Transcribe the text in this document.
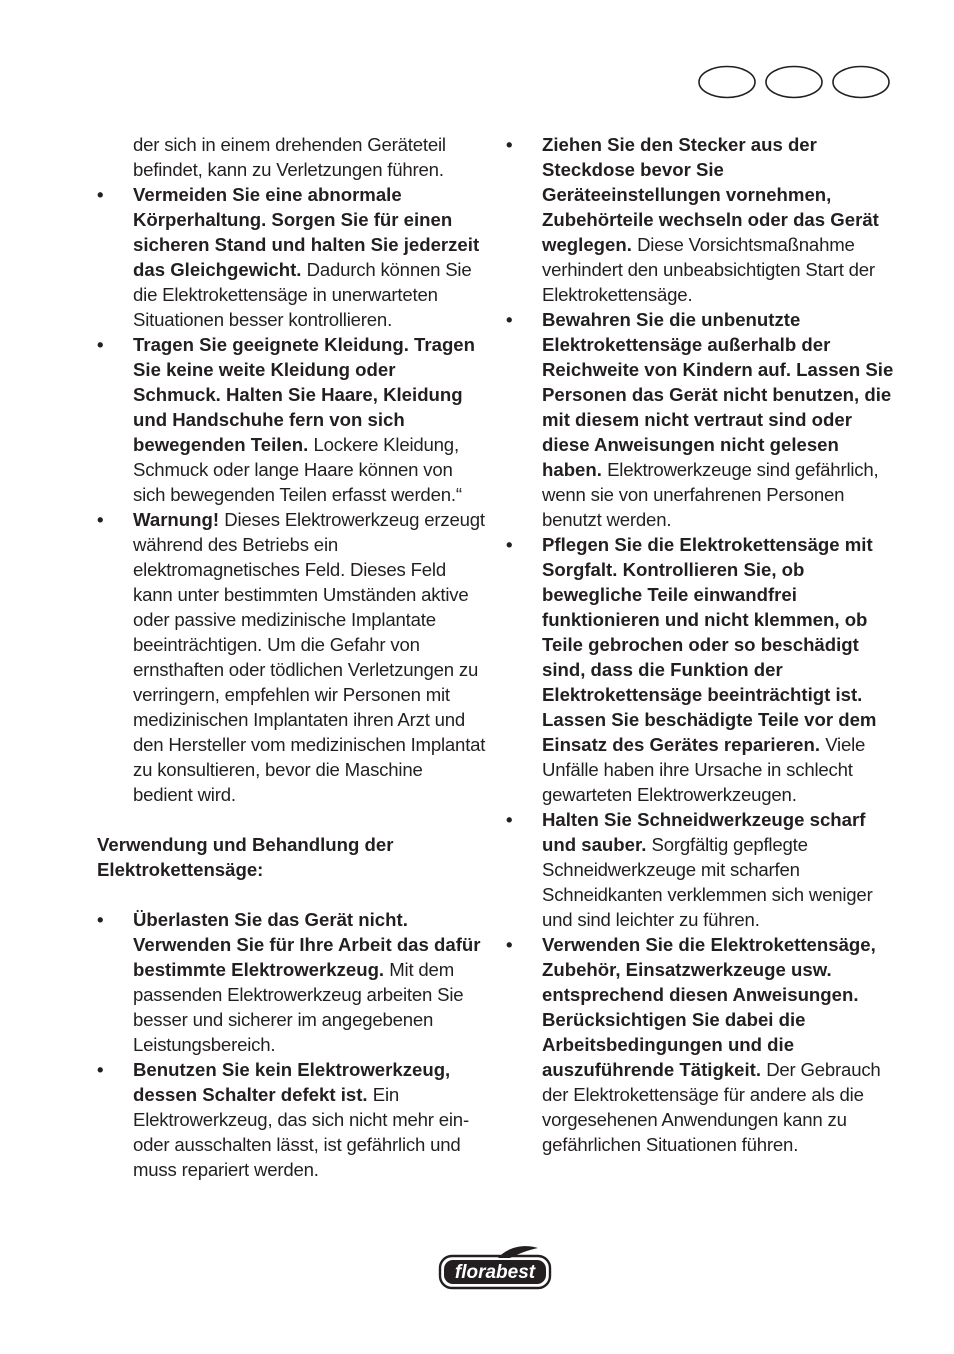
der sich in einem drehenden Geräteteil befindet, kann zu Verletzungen führen.

•	Vermeiden Sie eine abnormale Körperhaltung. Sorgen Sie für einen sicheren Stand und halten Sie jederzeit das Gleichgewicht. Dadurch können Sie die Elektrokettensäge in unerwarteten Situationen besser kontrollieren.

•	Tragen Sie geeignete Kleidung. Tragen Sie keine weite Kleidung oder Schmuck. Halten Sie Haare, Kleidung und Handschuhe fern von sich bewegenden Teilen. Lockere Kleidung, Schmuck oder lange Haare können von sich bewegenden Teilen erfasst werden.“

•	Warnung! Dieses Elektrowerkzeug erzeugt während des Betriebs ein elektromagnetisches Feld. Dieses Feld kann unter bestimmten Umständen aktive oder passive medizinische Implantate beeinträchtigen. Um die Gefahr von ernsthaften oder tödlichen Verletzungen zu verringern, empfehlen wir Personen mit medizinischen Implantaten ihren Arzt und den Hersteller vom medizinischen Implantat zu konsultieren, bevor die Maschine bedient wird.

Verwendung und Behandlung der Elektrokettensäge:

•	Überlasten Sie das Gerät nicht. Verwenden Sie für Ihre Arbeit das dafür bestimmte Elektrowerkzeug. Mit dem passenden Elektrowerkzeug arbeiten Sie besser und sicherer im angegebenen Leistungsbereich.

•	Benutzen Sie kein Elektrowerkzeug, dessen Schalter defekt ist. Ein Elektrowerkzeug, das sich nicht mehr ein- oder ausschalten lässt, ist gefährlich und muss repariert werden.

•	Ziehen Sie den Stecker aus der Steckdose bevor Sie Geräteeinstellungen vornehmen, Zubehörteile wechseln oder das Gerät weglegen. Diese Vorsichtsmaßnahme verhindert den unbeabsichtigten Start der Elektrokettensäge.

•	Bewahren Sie die unbenutzte Elektrokettensäge außerhalb der Reichweite von Kindern auf. Lassen Sie Personen das Gerät nicht benutzen, die mit diesem nicht vertraut sind oder diese Anweisungen nicht gelesen haben. Elektrowerkzeuge sind gefährlich, wenn sie von unerfahrenen Personen benutzt werden.

•	Pflegen Sie die Elektrokettensäge mit Sorgfalt. Kontrollieren Sie, ob bewegliche Teile einwandfrei funktionieren und nicht klemmen, ob Teile gebrochen oder so beschädigt sind, dass die Funktion der Elektrokettensäge beeinträchtigt ist. Lassen Sie beschädigte Teile vor dem Einsatz des Gerätes reparieren. Viele Unfälle haben ihre Ursache in schlecht gewarteten Elektrowerkzeugen.

•	Halten Sie Schneidwerkzeuge scharf und sauber. Sorgfältig gepflegte Schneidwerkzeuge mit scharfen Schneidkanten verklemmen sich weniger und sind leichter zu führen.

•	Verwenden Sie die Elektrokettensäge, Zubehör, Einsatzwerkzeuge usw. entsprechend diesen Anweisungen. Berücksichtigen Sie dabei die Arbeitsbedingungen und die auszuführende Tätigkeit. Der Gebrauch der Elektrokettensäge für andere als die vorgesehenen Anwendungen kann zu gefährlichen Situationen führen.

florabest
